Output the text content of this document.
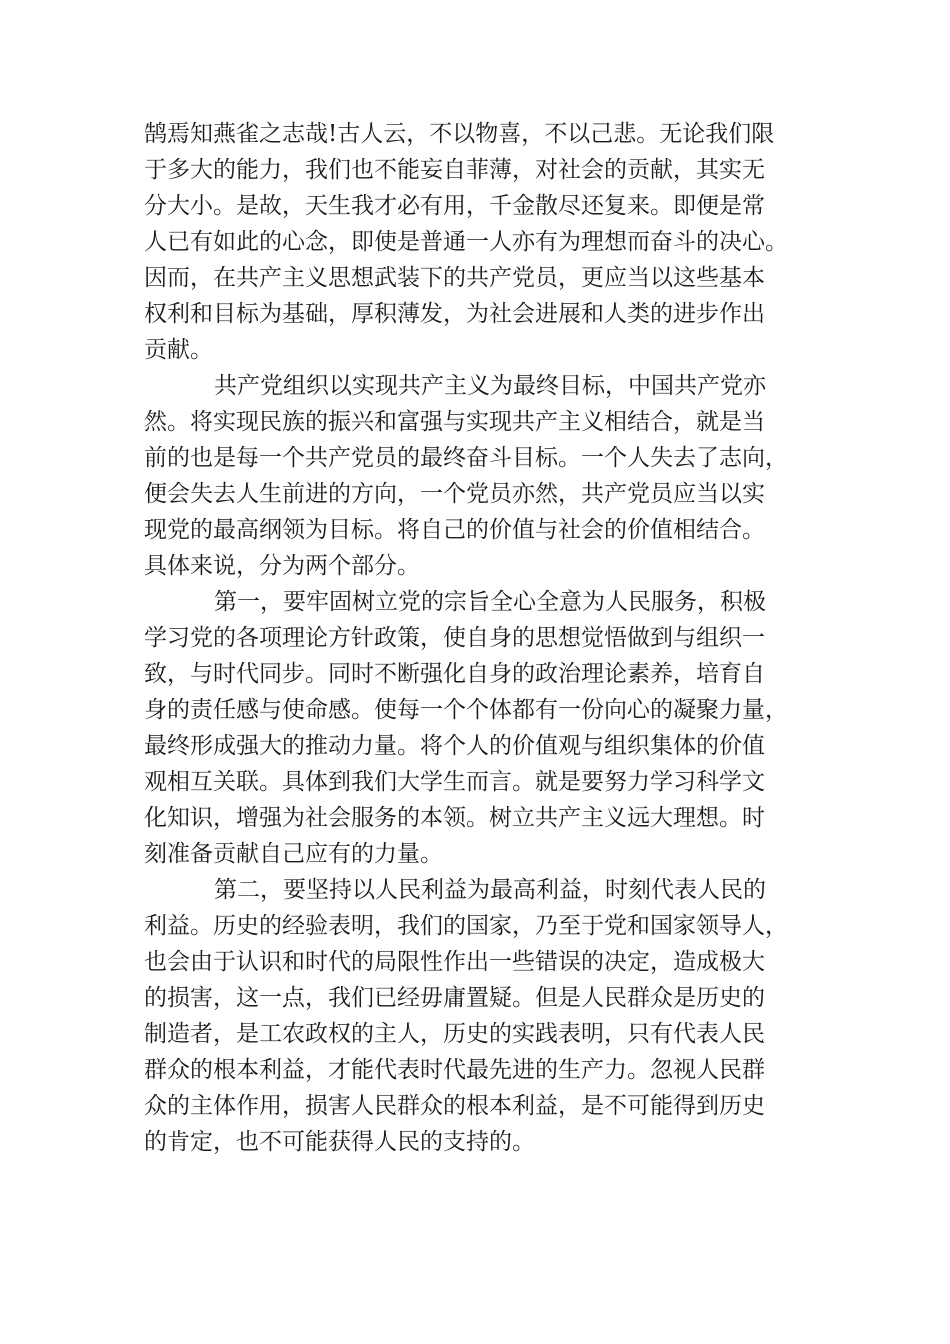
鹄焉知燕雀之志哉!古人云，不以物喜，不以己悲。无论我们限
于多大的能力，我们也不能妄自菲薄，对社会的贡献，其实无
分大小。是故，天生我才必有用，千金散尽还复来。即便是常
人已有如此的心念，即使是普通一人亦有为理想而奋斗的决心。
因而，在共产主义思想武装下的共产党员，更应当以这些基本
权利和目标为基础，厚积薄发，为社会进展和人类的进步作出
贡献。
共产党组织以实现共产主义为最终目标，中国共产党亦
然。将实现民族的振兴和富强与实现共产主义相结合，就是当
前的也是每一个共产党员的最终奋斗目标。一个人失去了志向，
便会失去人生前进的方向，一个党员亦然，共产党员应当以实
现党的最高纲领为目标。将自己的价值与社会的价值相结合。
具体来说，分为两个部分。
第一，要牢固树立党的宗旨全心全意为人民服务，积极
学习党的各项理论方针政策，使自身的思想觉悟做到与组织一
致，与时代同步。同时不断强化自身的政治理论素养，培育自
身的责任感与使命感。使每一个个体都有一份向心的凝聚力量，
最终形成强大的推动力量。将个人的价值观与组织集体的价值
观相互关联。具体到我们大学生而言。就是要努力学习科学文
化知识，增强为社会服务的本领。树立共产主义远大理想。时
刻准备贡献自己应有的力量。
第二，要坚持以人民利益为最高利益，时刻代表人民的
利益。历史的经验表明，我们的国家，乃至于党和国家领导人，
也会由于认识和时代的局限性作出一些错误的决定，造成极大
的损害，这一点，我们已经毋庸置疑。但是人民群众是历史的
制造者，是工农政权的主人，历史的实践表明，只有代表人民
群众的根本利益，才能代表时代最先进的生产力。忽视人民群
众的主体作用，损害人民群众的根本利益，是不可能得到历史
的肯定，也不可能获得人民的支持的。
